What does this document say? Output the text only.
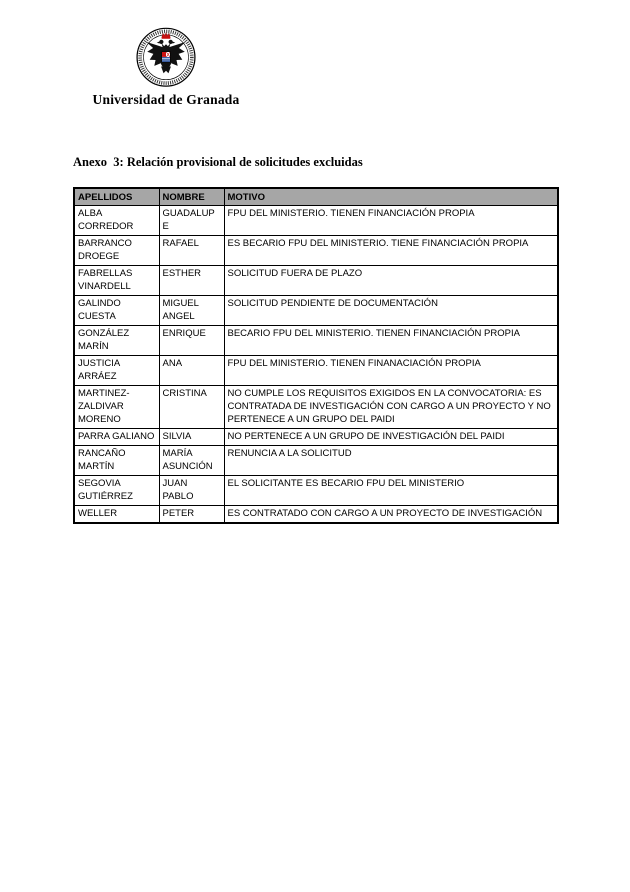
Universidad de Granada
Anexo  3: Relación provisional de solicitudes excluidas
APELLIDOS	NOMBRE	MOTIVO
ALBA CORREDOR	GUADALUPE	FPU DEL MINISTERIO. TIENEN FINANCIACIÓN PROPIA
BARRANCO DROEGE	RAFAEL	ES BECARIO FPU DEL MINISTERIO. TIENE FINANCIACIÓN PROPIA
FABRELLAS VINARDELL	ESTHER	SOLICITUD FUERA DE PLAZO
GALINDO CUESTA	MIGUEL ANGEL	SOLICITUD PENDIENTE DE DOCUMENTACIÓN
GONZÁLEZ MARÍN	ENRIQUE	BECARIO FPU DEL MINISTERIO. TIENEN FINANCIACIÓN PROPIA
JUSTICIA ARRÁEZ	ANA	FPU DEL MINISTERIO. TIENEN FINANACIACIÓN PROPIA
MARTINEZ-ZALDIVAR MORENO	CRISTINA	NO CUMPLE LOS REQUISITOS EXIGIDOS EN LA CONVOCATORIA: ES CONTRATADA DE INVESTIGACIÓN CON CARGO A UN PROYECTO Y NO PERTENECE A UN GRUPO DEL PAIDI
PARRA GALIANO	SILVIA	NO PERTENECE A UN GRUPO DE INVESTIGACIÓN DEL PAIDI
RANCAÑO MARTÍN	MARÍA ASUNCIÓN	RENUNCIA A LA SOLICITUD
SEGOVIA GUTIÉRREZ	JUAN PABLO	EL SOLICITANTE ES BECARIO FPU DEL MINISTERIO
WELLER	PETER	ES CONTRATADO CON CARGO A UN PROYECTO DE INVESTIGACIÓN
